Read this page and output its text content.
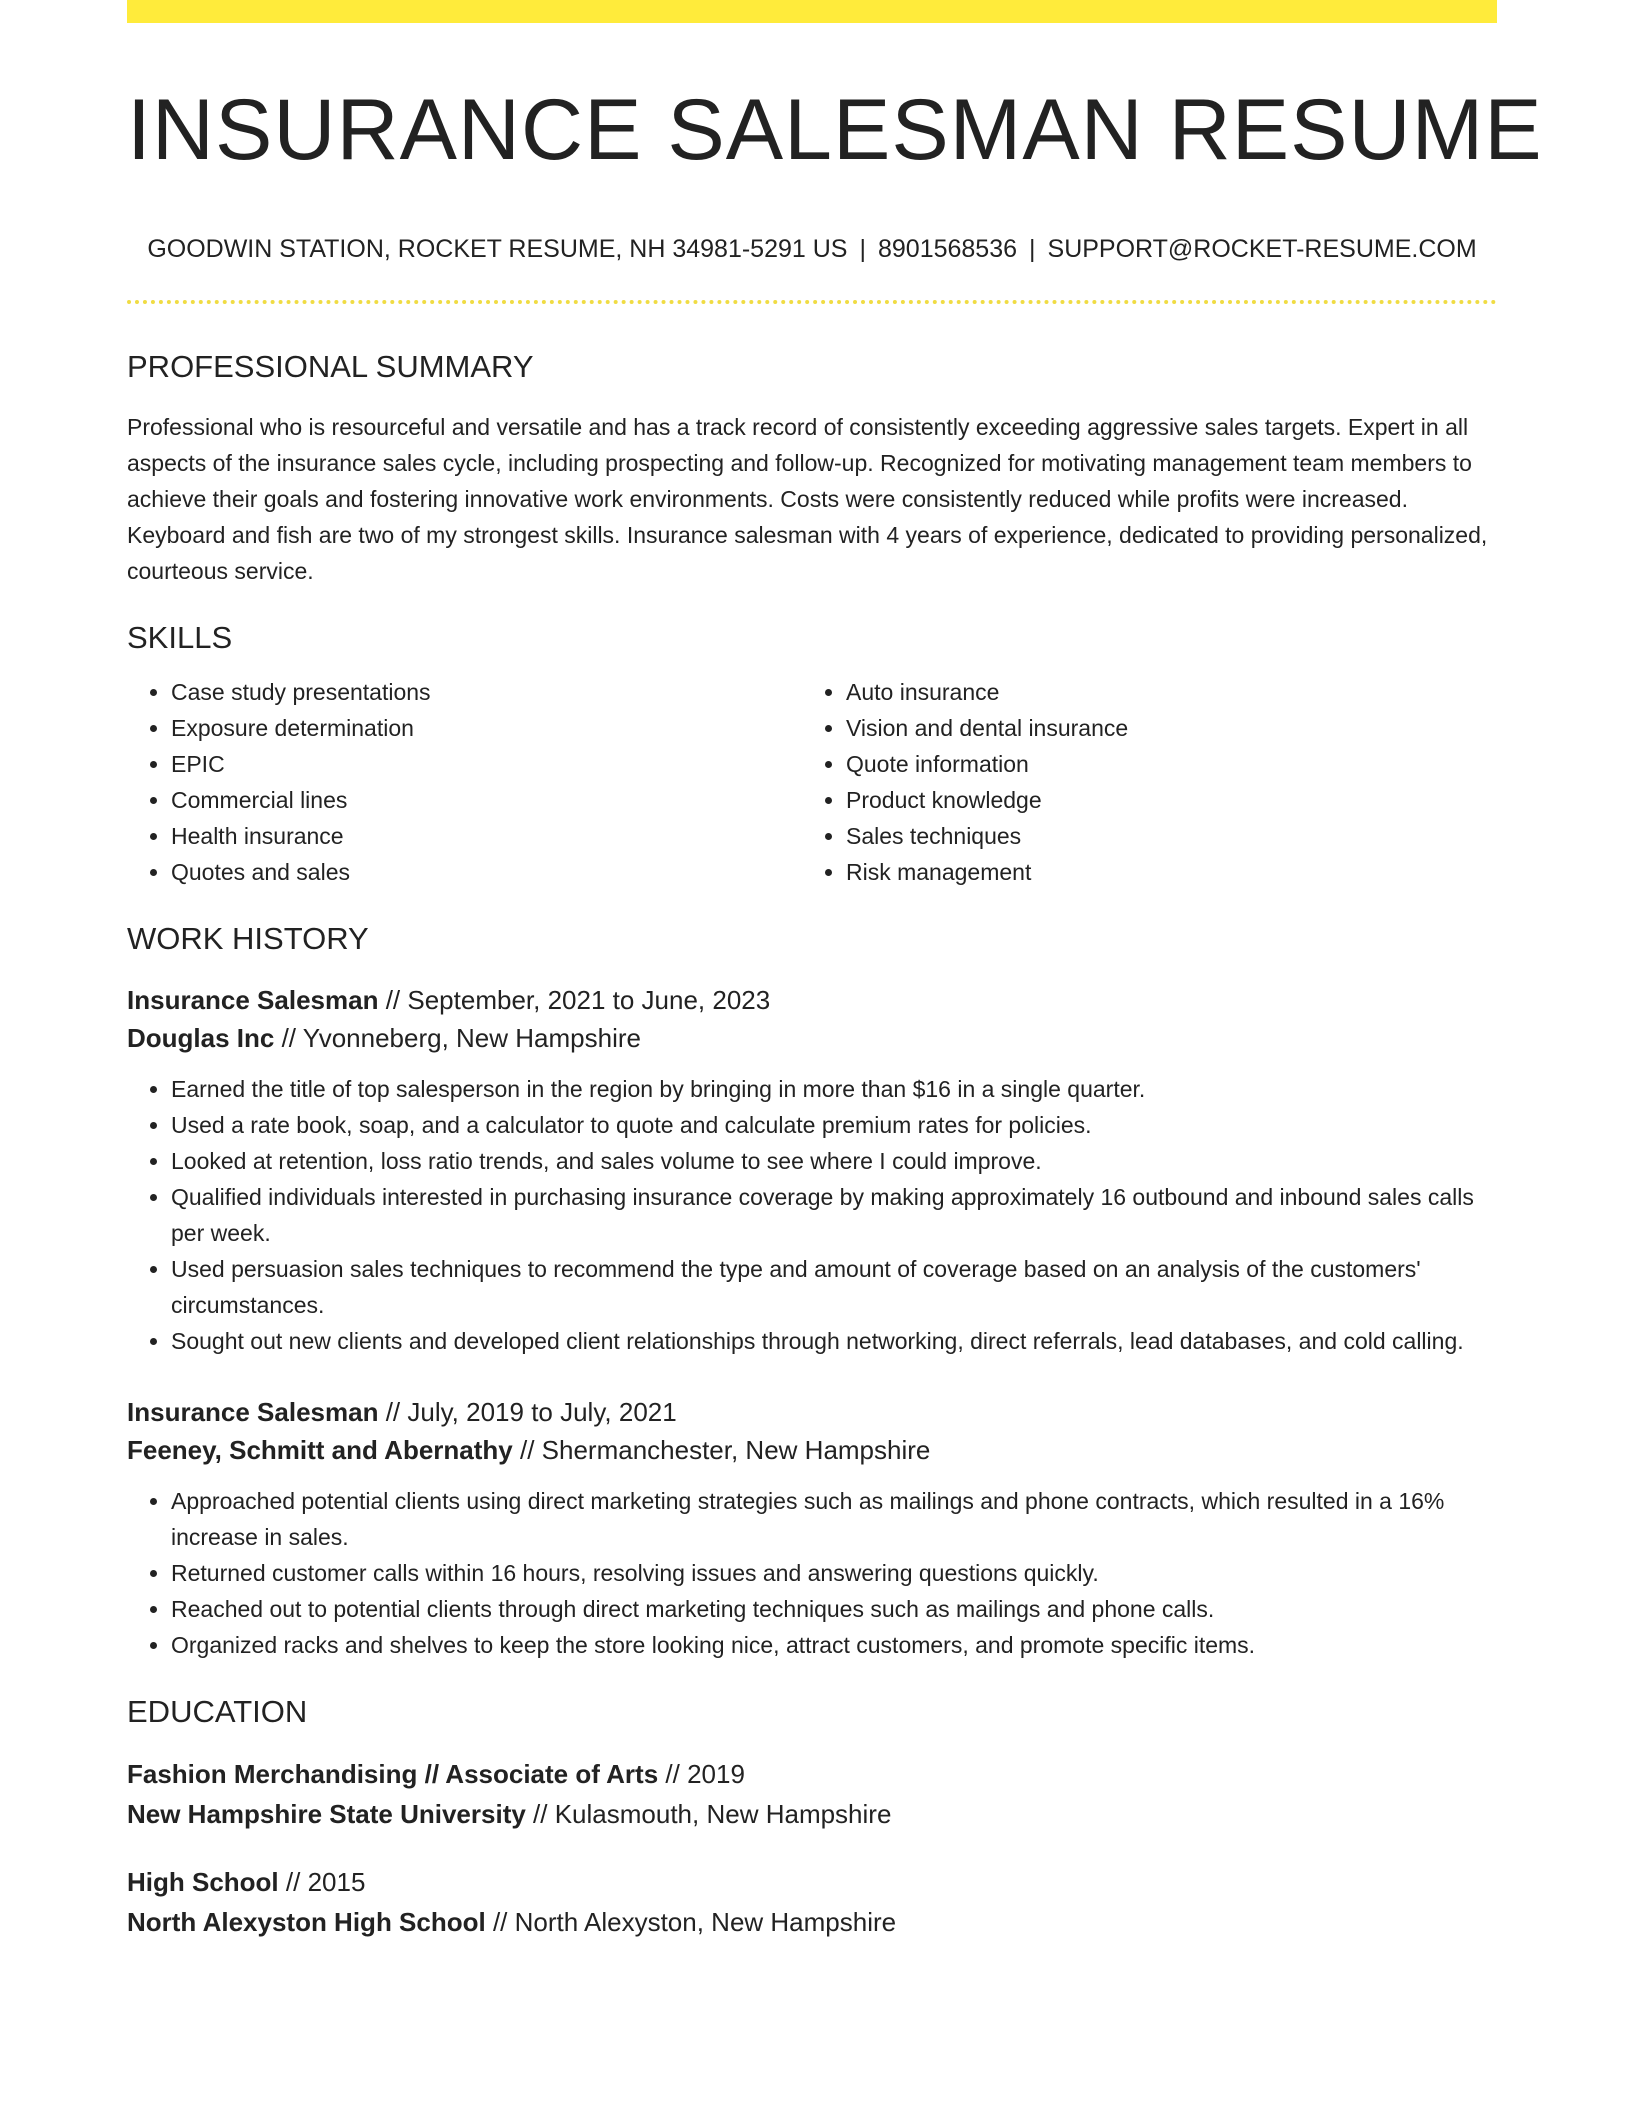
INSURANCE SALESMAN RESUME
GOODWIN STATION, ROCKET RESUME, NH 34981-5291 US | 8901568536 | SUPPORT@ROCKET-RESUME.COM
PROFESSIONAL SUMMARY
Professional who is resourceful and versatile and has a track record of consistently exceeding aggressive sales targets. Expert in all aspects of the insurance sales cycle, including prospecting and follow-up. Recognized for motivating management team members to achieve their goals and fostering innovative work environments. Costs were consistently reduced while profits were increased. Keyboard and fish are two of my strongest skills. Insurance salesman with 4 years of experience, dedicated to providing personalized, courteous service.
SKILLS
• Case study presentations
• Exposure determination
• EPIC
• Commercial lines
• Health insurance
• Quotes and sales
• Auto insurance
• Vision and dental insurance
• Quote information
• Product knowledge
• Sales techniques
• Risk management
WORK HISTORY
Insurance Salesman // September, 2021 to June, 2023
Douglas Inc // Yvonneberg, New Hampshire
• Earned the title of top salesperson in the region by bringing in more than $16 in a single quarter.
• Used a rate book, soap, and a calculator to quote and calculate premium rates for policies.
• Looked at retention, loss ratio trends, and sales volume to see where I could improve.
• Qualified individuals interested in purchasing insurance coverage by making approximately 16 outbound and inbound sales calls per week.
• Used persuasion sales techniques to recommend the type and amount of coverage based on an analysis of the customers' circumstances.
• Sought out new clients and developed client relationships through networking, direct referrals, lead databases, and cold calling.
Insurance Salesman // July, 2019 to July, 2021
Feeney, Schmitt and Abernathy // Shermanchester, New Hampshire
• Approached potential clients using direct marketing strategies such as mailings and phone contracts, which resulted in a 16% increase in sales.
• Returned customer calls within 16 hours, resolving issues and answering questions quickly.
• Reached out to potential clients through direct marketing techniques such as mailings and phone calls.
• Organized racks and shelves to keep the store looking nice, attract customers, and promote specific items.
EDUCATION
Fashion Merchandising // Associate of Arts // 2019
New Hampshire State University // Kulasmouth, New Hampshire
High School // 2015
North Alexyston High School // North Alexyston, New Hampshire
